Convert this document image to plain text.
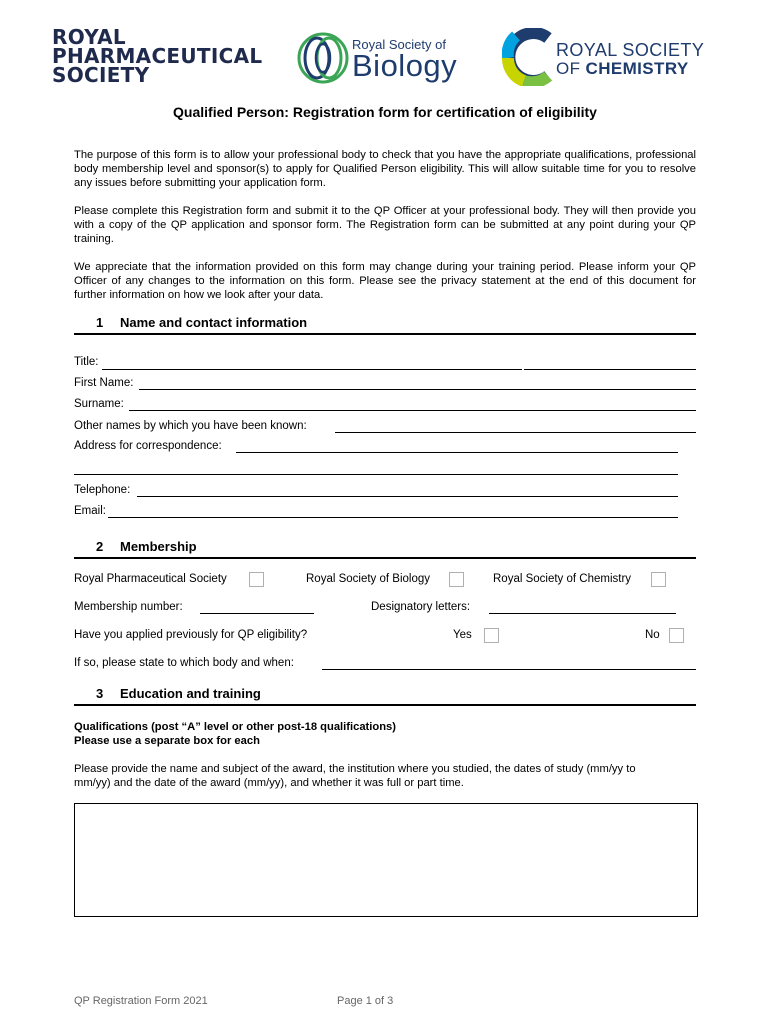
ROYAL
PHARMACEUTICAL
SOCIETY
Royal Society of
Biology	ROYAL SOCIETY
OF CHEMISTRY
Qualified Person: Registration form for certification of eligibility
The purpose of this form is to allow your professional body to check that you have the appropriate qualifications, professional body membership level and sponsor(s) to apply for Qualified Person eligibility. This will allow suitable time for you to resolve any issues before submitting your application form.
Please complete this Registration form and submit it to the QP Officer at your professional body. They will then provide you with a copy of the QP application and sponsor form. The Registration form can be submitted at any point during your QP training.
We appreciate that the information provided on this form may change during your training period. Please inform your QP Officer of any changes to the information on this form. Please see the privacy statement at the end of this document for further information on how we look after your data.
1 Name and contact information
Title:
First Name:
Surname:
Other names by which you have been known:
Address for correspondence:
Telephone:
Email:
2 Membership
Royal Pharmaceutical Society	Royal Society of Biology	Royal Society of Chemistry
Membership number:	Designatory letters:
Have you applied previously for QP eligibility?	Yes	No
If so, please state to which body and when:
3 Education and training
Qualifications (post “A” level or other post-18 qualifications)
Please use a separate box for each
Please provide the name and subject of the award, the institution where you studied, the dates of study (mm/yy to mm/yy) and the date of the award (mm/yy), and whether it was full or part time.
QP Registration Form 2021	Page 1 of 3
